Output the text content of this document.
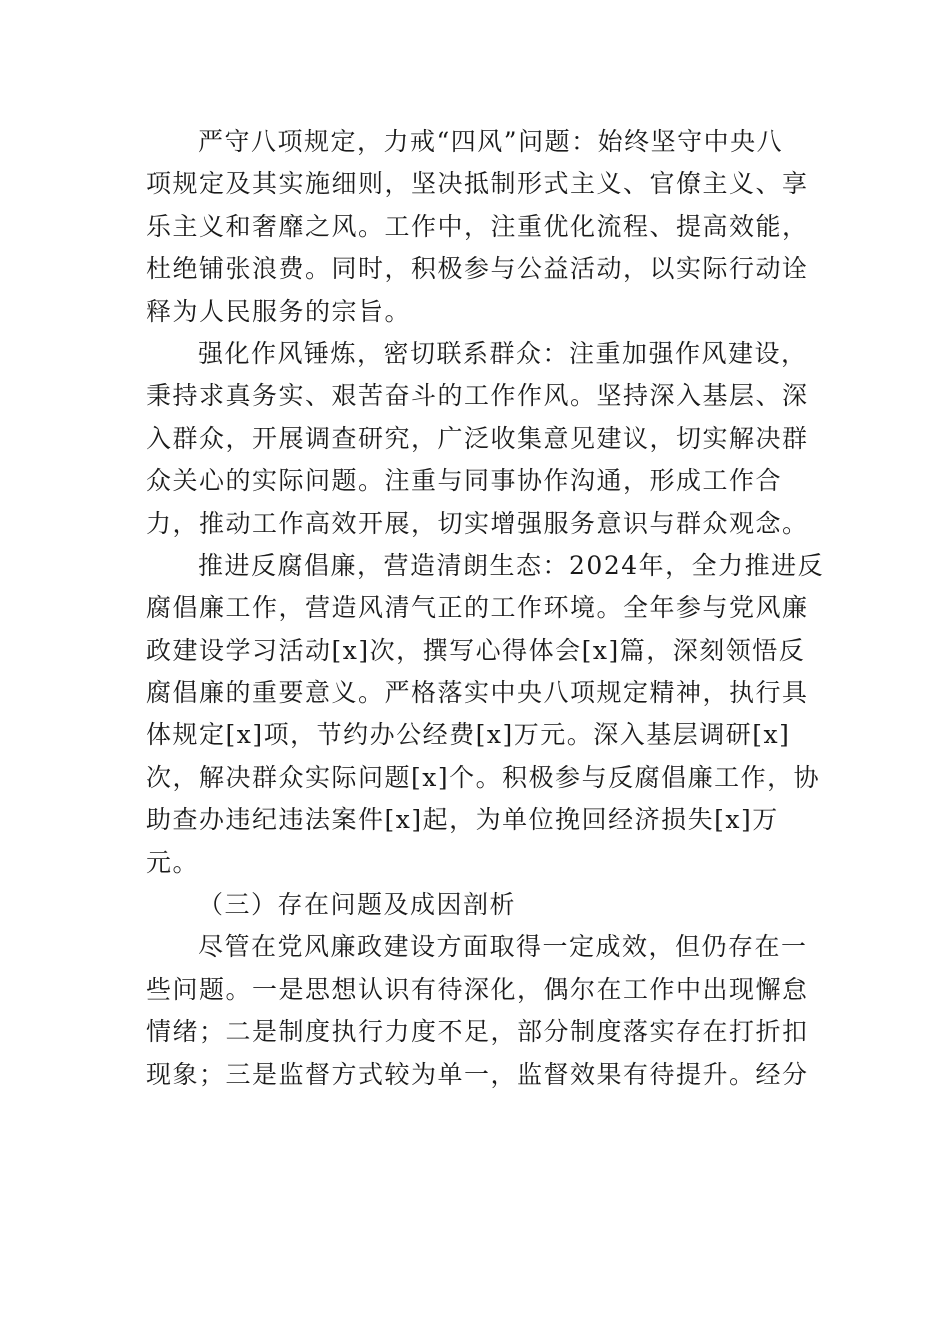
严守八项规定，力戒“四风”问题：始终坚守中央八
项规定及其实施细则，坚决抵制形式主义、官僚主义、享
乐主义和奢靡之风。工作中，注重优化流程、提高效能，
杜绝铺张浪费。同时，积极参与公益活动，以实际行动诠
释为人民服务的宗旨。
强化作风锤炼，密切联系群众：注重加强作风建设，
秉持求真务实、艰苦奋斗的工作作风。坚持深入基层、深
入群众，开展调查研究，广泛收集意见建议，切实解决群
众关心的实际问题。注重与同事协作沟通，形成工作合
力，推动工作高效开展，切实增强服务意识与群众观念。
推进反腐倡廉，营造清朗生态：2024年，全力推进反
腐倡廉工作，营造风清气正的工作环境。全年参与党风廉
政建设学习活动[x]次，撰写心得体会[x]篇，深刻领悟反
腐倡廉的重要意义。严格落实中央八项规定精神，执行具
体规定[x]项，节约办公经费[x]万元。深入基层调研[x]
次，解决群众实际问题[x]个。积极参与反腐倡廉工作，协
助查办违纪违法案件[x]起，为单位挽回经济损失[x]万
元。
（三）存在问题及成因剖析
尽管在党风廉政建设方面取得一定成效，但仍存在一
些问题。一是思想认识有待深化，偶尔在工作中出现懈怠
情绪；二是制度执行力度不足，部分制度落实存在打折扣
现象；三是监督方式较为单一，监督效果有待提升。经分
